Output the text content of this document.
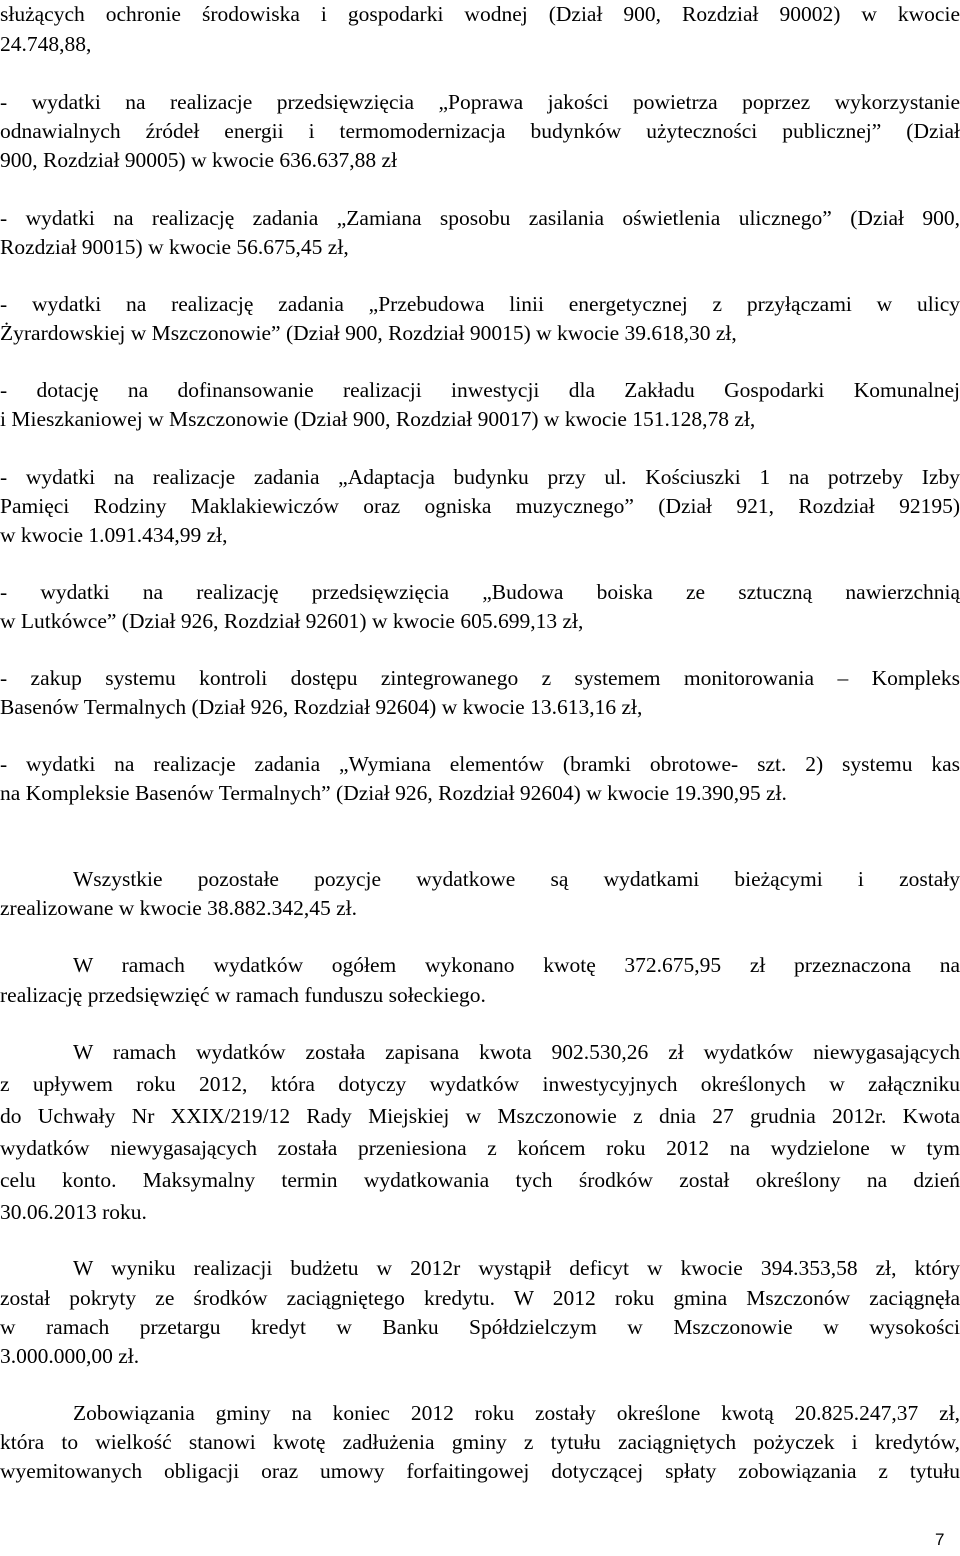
służących ochronie środowiska i gospodarki wodnej (Dział 900, Rozdział 90002) w kwocie
24.748,88,
- wydatki na realizacje przedsięwzięcia „Poprawa jakości powietrza poprzez wykorzystanie
odnawialnych źródeł energii i termomodernizacja budynków użyteczności publicznej” (Dział
900, Rozdział 90005) w kwocie 636.637,88 zł
- wydatki na realizację zadania „Zamiana sposobu zasilania oświetlenia ulicznego” (Dział 900,
Rozdział 90015) w kwocie 56.675,45 zł,
- wydatki na realizację zadania „Przebudowa linii energetycznej z przyłączami w ulicy
Żyrardowskiej w Mszczonowie” (Dział 900, Rozdział 90015) w kwocie 39.618,30 zł,
- dotację na dofinansowanie realizacji inwestycji dla Zakładu Gospodarki Komunalnej
i Mieszkaniowej w Mszczonowie (Dział 900, Rozdział 90017) w kwocie 151.128,78 zł,
- wydatki na realizacje zadania „Adaptacja budynku przy ul. Kościuszki 1 na potrzeby Izby
Pamięci Rodziny Maklakiewiczów oraz ogniska muzycznego” (Dział 921, Rozdział 92195)
w kwocie 1.091.434,99 zł,
- wydatki na realizację przedsięwzięcia „Budowa boiska ze sztuczną nawierzchnią
w Lutkówce” (Dział 926, Rozdział 92601) w kwocie 605.699,13 zł,
- zakup systemu kontroli dostępu zintegrowanego z systemem monitorowania – Kompleks
Basenów Termalnych (Dział 926, Rozdział 92604) w kwocie 13.613,16 zł,
- wydatki na realizacje zadania „Wymiana elementów (bramki obrotowe- szt. 2) systemu kas
na Kompleksie Basenów Termalnych” (Dział 926, Rozdział 92604) w kwocie 19.390,95 zł.
Wszystkie pozostałe pozycje wydatkowe są wydatkami bieżącymi i zostały
zrealizowane w kwocie 38.882.342,45 zł.
W ramach wydatków ogółem wykonano kwotę 372.675,95 zł przeznaczona na
realizację przedsięwzięć w ramach funduszu sołeckiego.
W ramach wydatków została zapisana kwota 902.530,26 zł wydatków niewygasających
z upływem roku 2012, która dotyczy wydatków inwestycyjnych określonych w załączniku
do Uchwały Nr XXIX/219/12 Rady Miejskiej w Mszczonowie z dnia 27 grudnia 2012r. Kwota
wydatków niewygasających została przeniesiona z końcem roku 2012 na wydzielone w tym
celu konto. Maksymalny termin wydatkowania tych środków został określony na dzień
30.06.2013 roku.
W wyniku realizacji budżetu w 2012r wystąpił deficyt w kwocie 394.353,58 zł, który
został pokryty ze środków zaciągniętego kredytu. W 2012 roku gmina Mszczonów zaciągnęła
w ramach przetargu kredyt w Banku Spółdzielczym w Mszczonowie w wysokości
3.000.000,00 zł.
Zobowiązania gminy na koniec 2012 roku zostały określone kwotą 20.825.247,37 zł,
która to wielkość stanowi kwotę zadłużenia gminy z tytułu zaciągniętych pożyczek i kredytów,
wyemitowanych obligacji oraz umowy forfaitingowej dotyczącej spłaty zobowiązania z tytułu
7
